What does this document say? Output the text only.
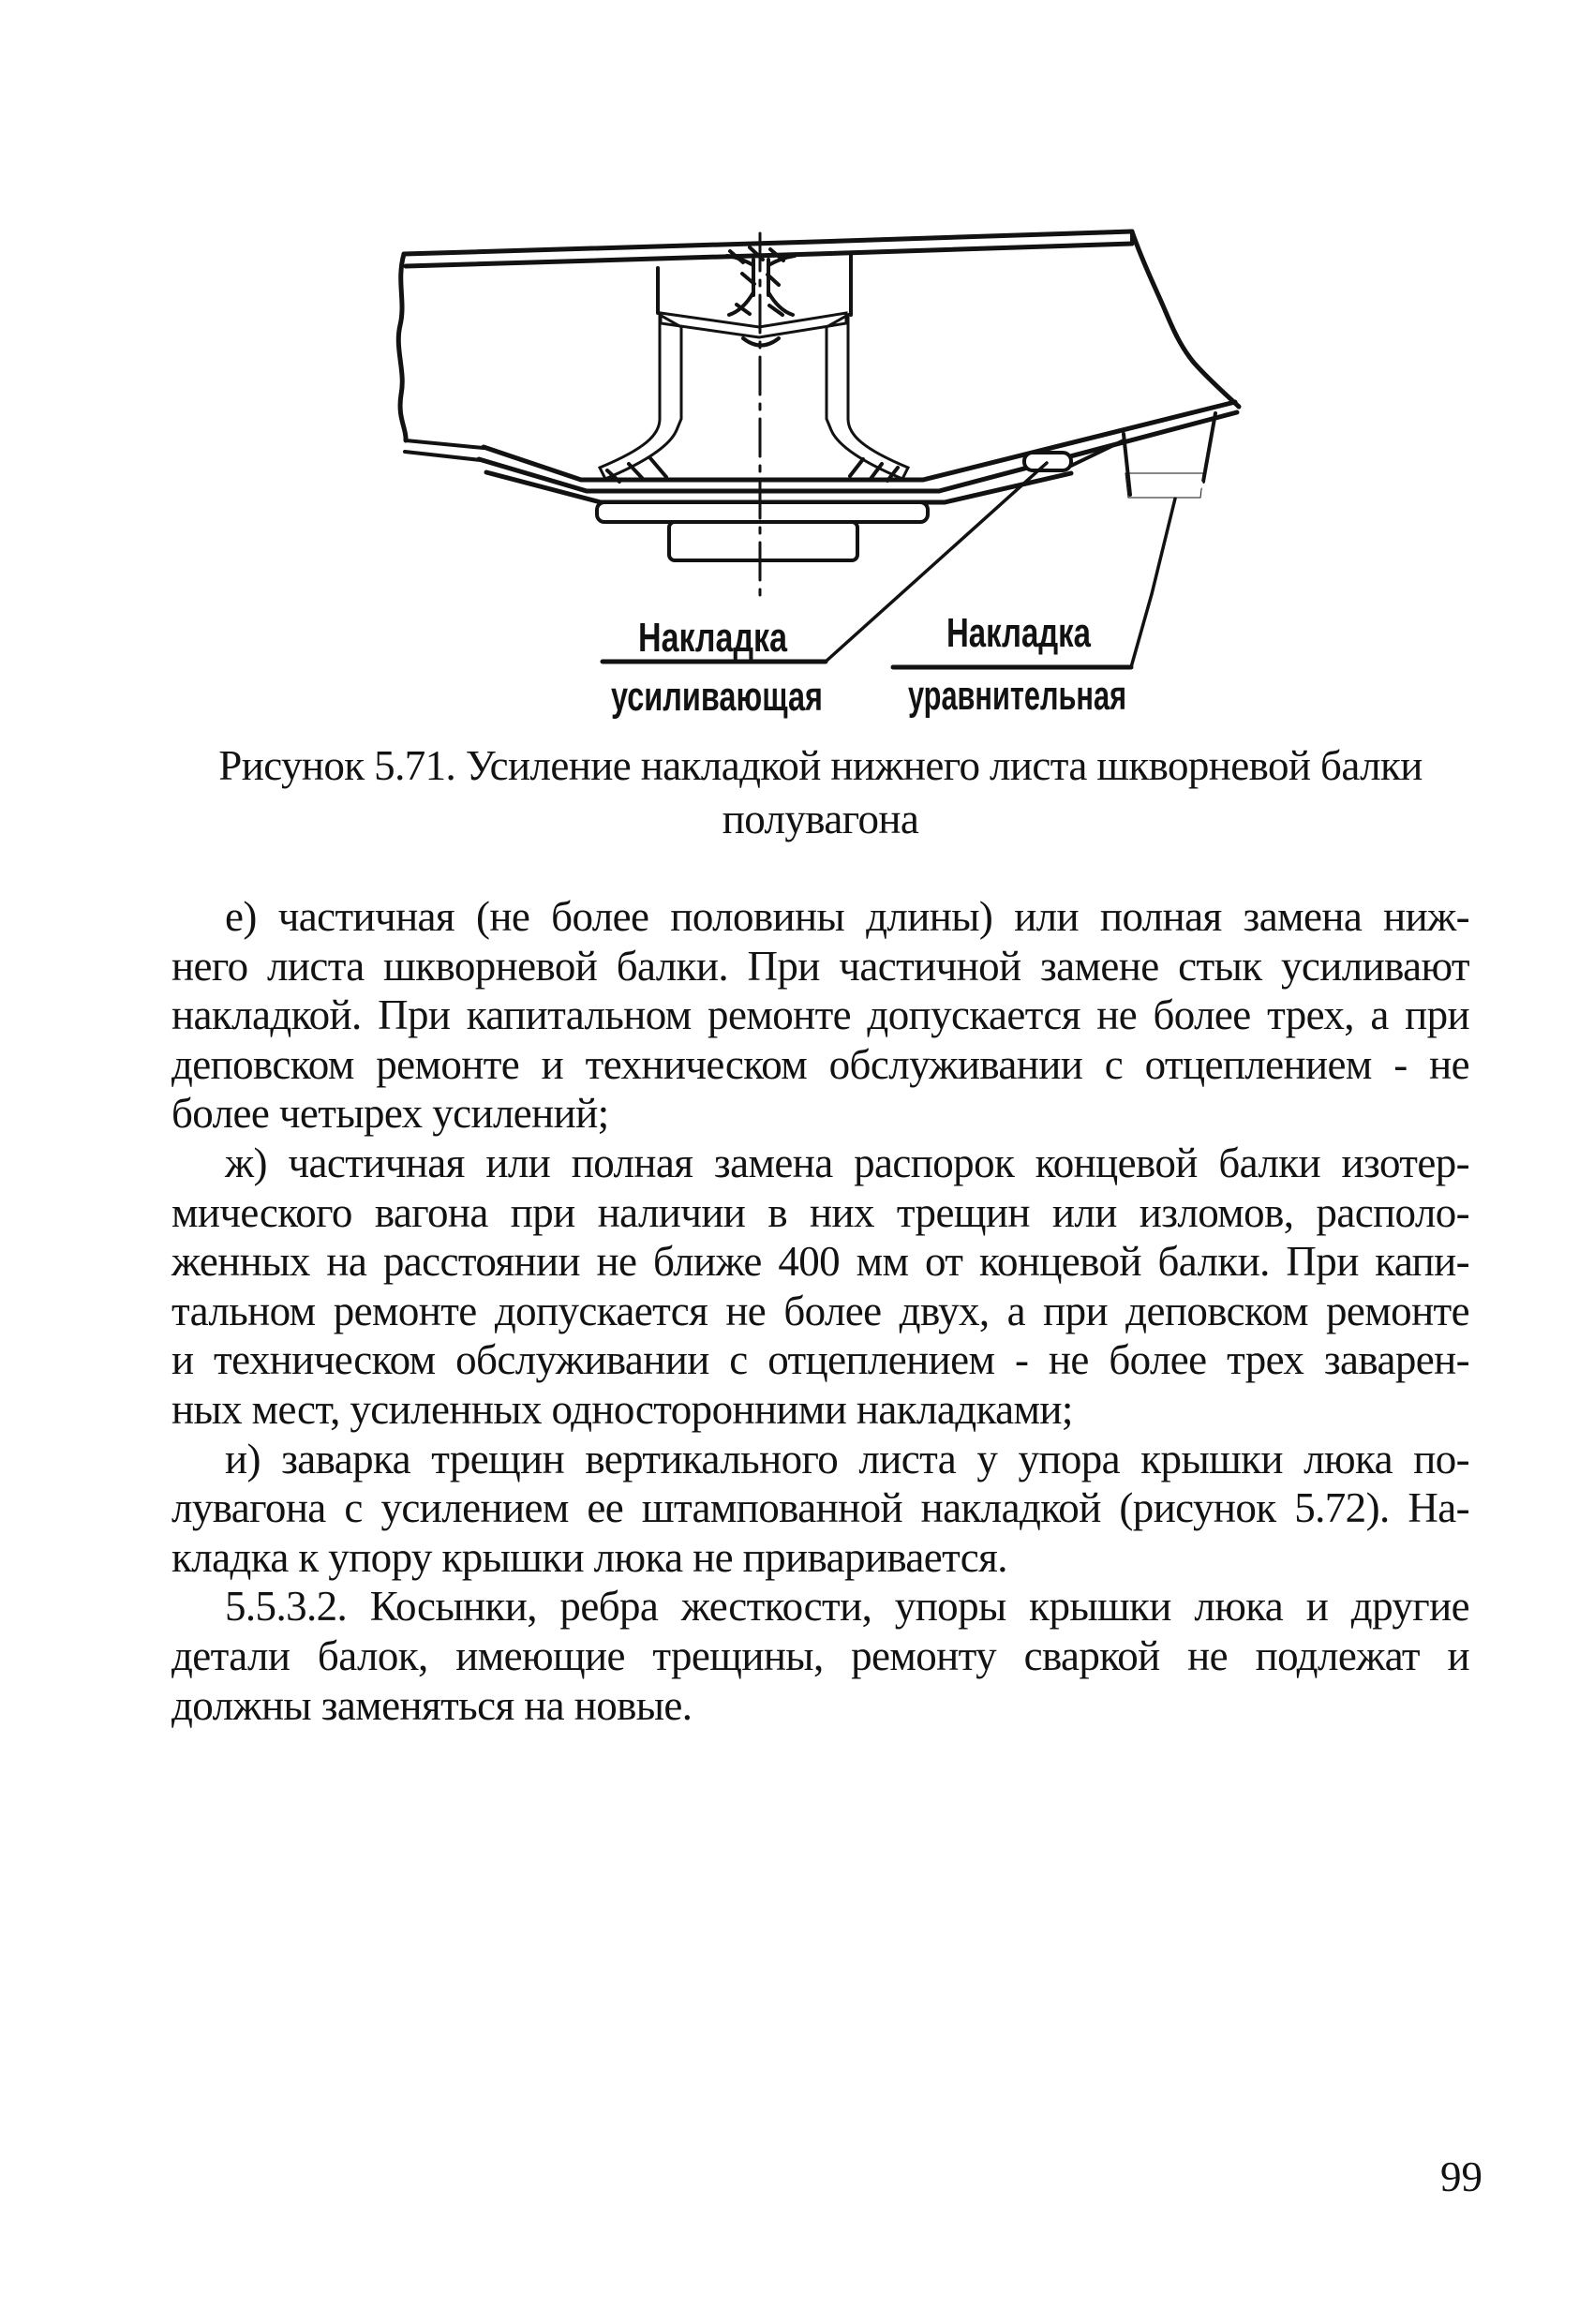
Накладка
усиливающая
Накладка
уравнительная
Рисунок 5.71. Усиление накладкой нижнего листа шкворневой балки
полувагона
е) частичная (не более половины длины) или полная замена ниж-
него листа шкворневой балки. При частичной замене стык усиливают
накладкой. При капитальном ремонте допускается не более трех, а при
деповском ремонте и техническом обслуживании с отцеплением - не
более четырех усилений;
ж) частичная или полная замена распорок концевой балки изотер-
мического вагона при наличии в них трещин или изломов, располо-
женных на расстоянии не ближе 400 мм от концевой балки. При капи-
тальном ремонте допускается не более двух, а при деповском ремонте
и техническом обслуживании с отцеплением - не более трех заварен-
ных мест, усиленных односторонними накладками;
и) заварка трещин вертикального листа у упора крышки люка по-
лувагона с усилением ее штампованной накладкой (рисунок 5.72). На-
кладка к упору крышки люка не приваривается.
5.5.3.2. Косынки, ребра жесткости, упоры крышки люка и другие
детали балок, имеющие трещины, ремонту сваркой не подлежат и
должны заменяться на новые.
99
